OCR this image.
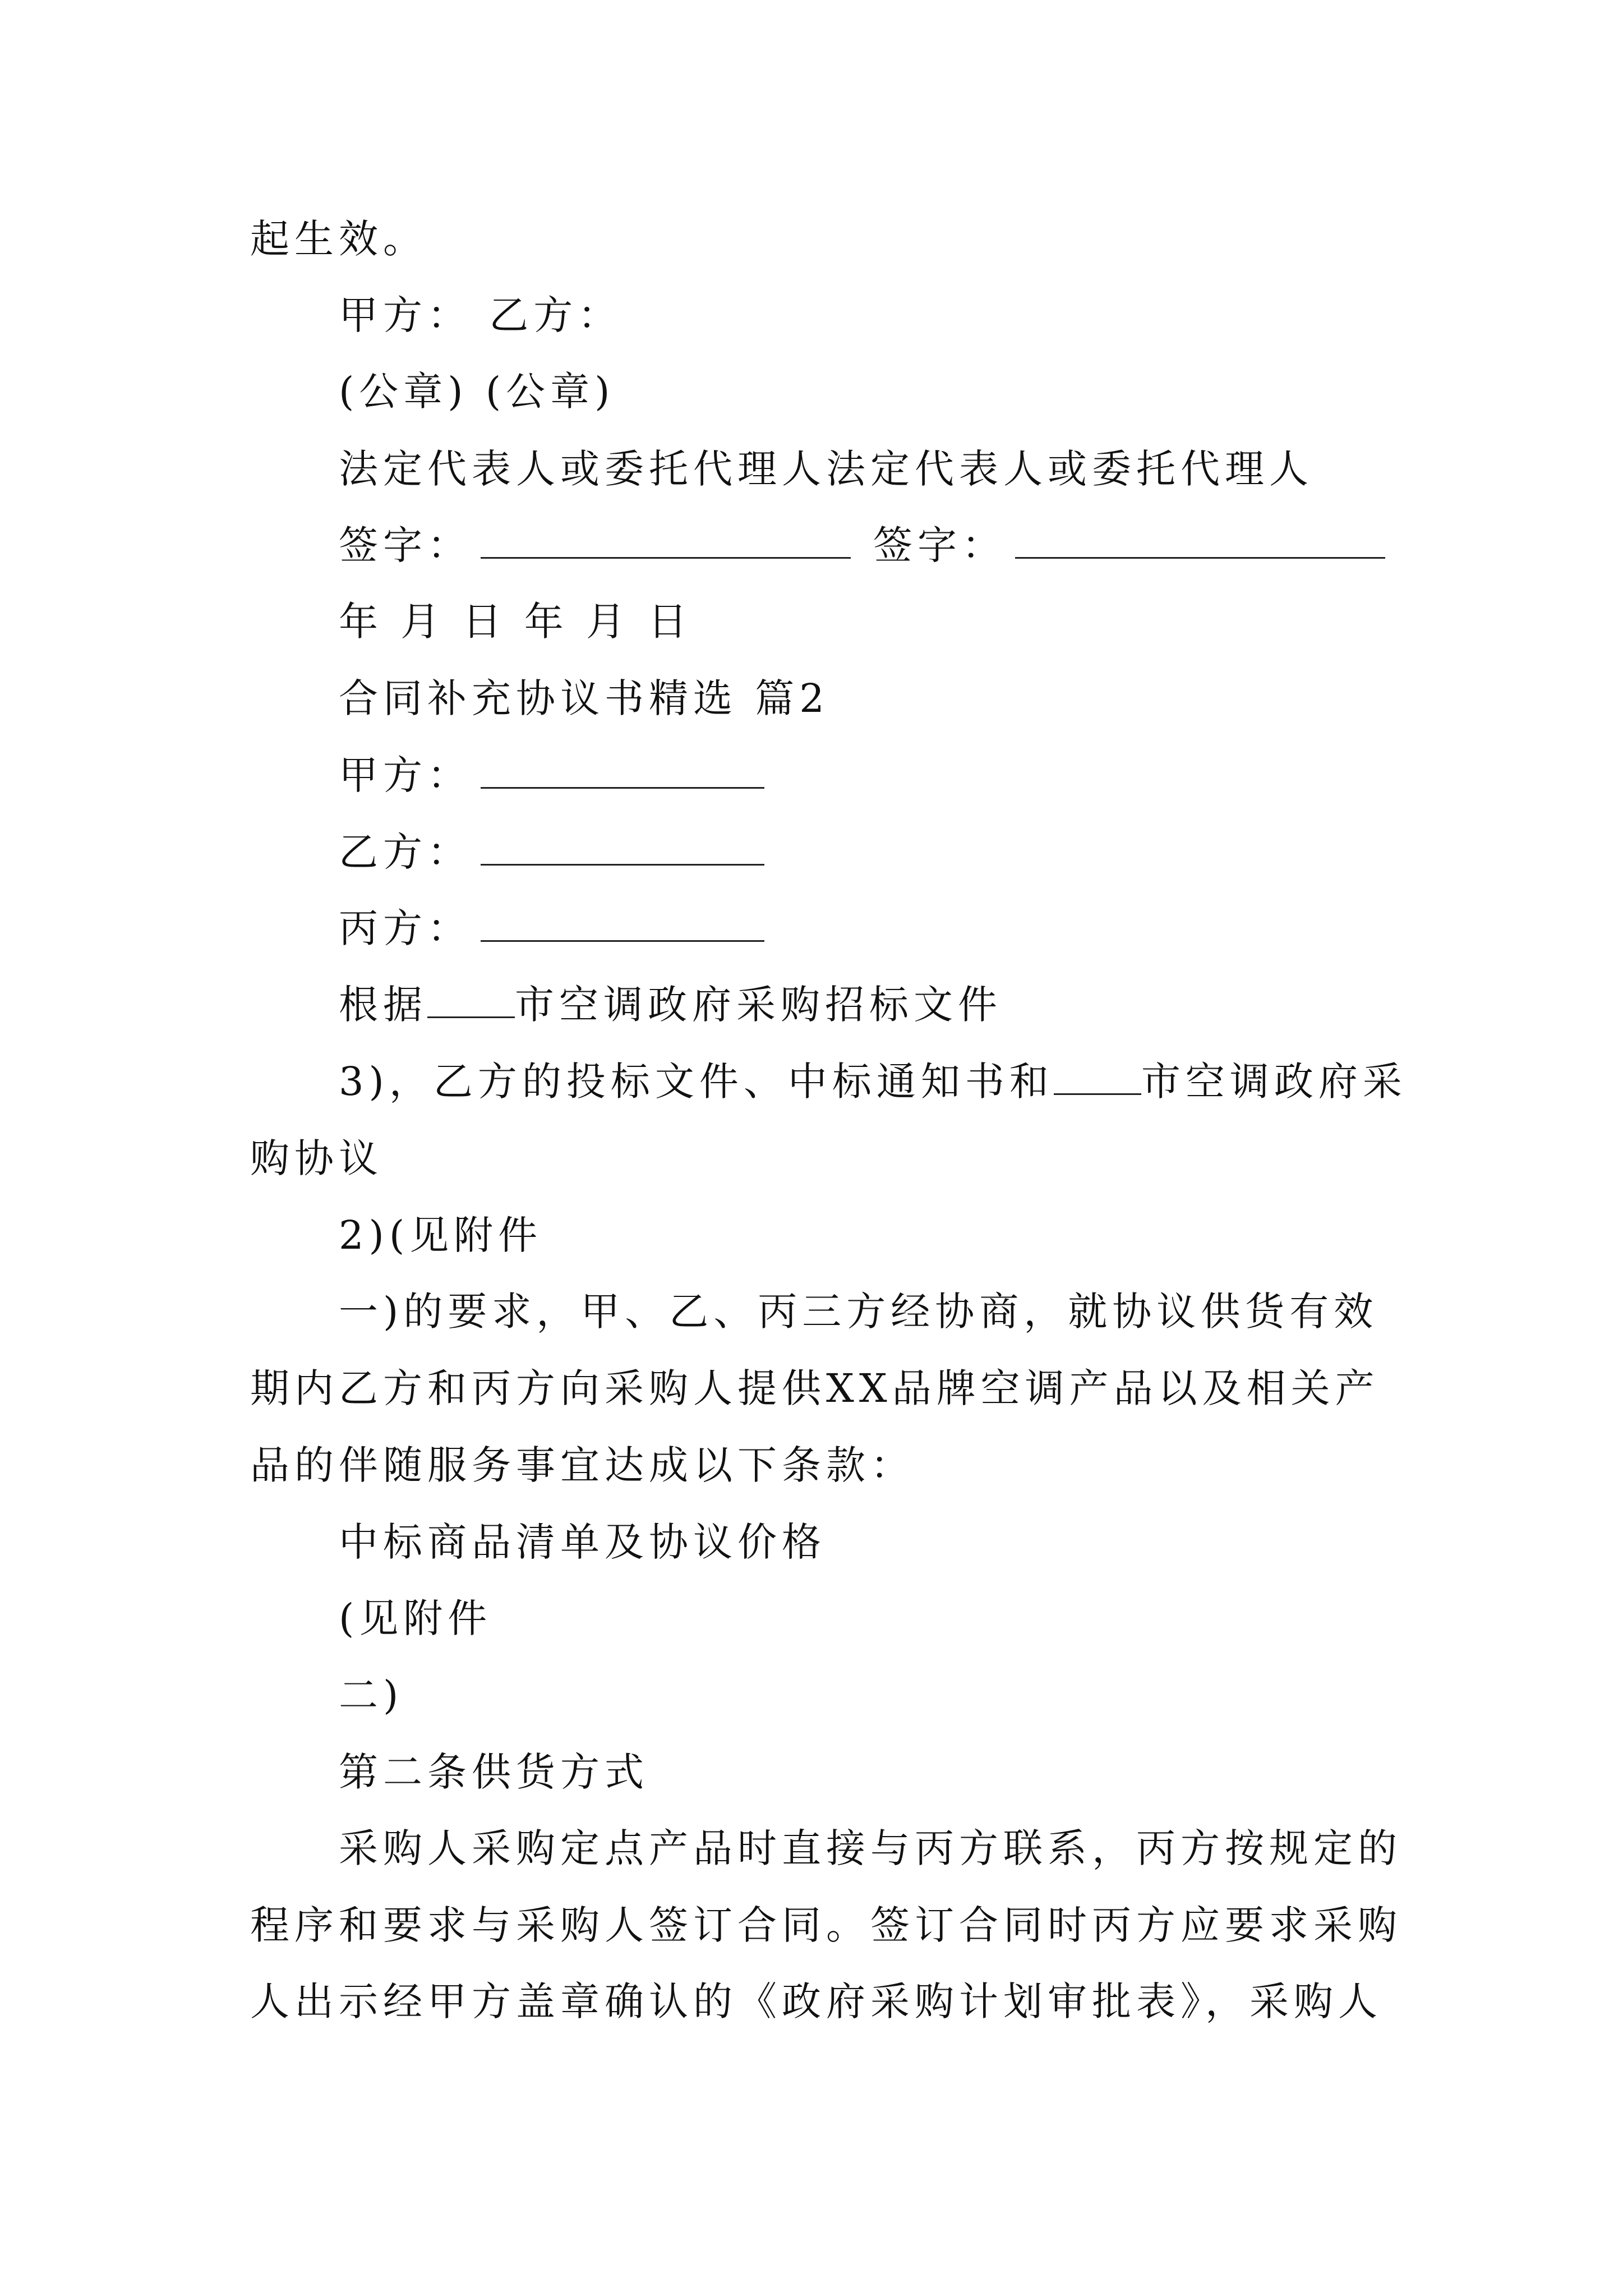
起生效。
甲方： 乙方：
(公章) (公章)
法定代表人或委托代理人法定代表人或委托代理人
签字：	签字：
年 月 日 年 月 日
合同补充协议书精选 篇2
甲方：
乙方：
丙方：
根据 市空调政府采购招标文件
3)，乙方的投标文件、中标通知书和 市空调政府采
购协议
2)(见附件
一)的要求，甲、乙、丙三方经协商，就协议供货有效
期内乙方和丙方向采购人提供XX品牌空调产品以及相关产
品的伴随服务事宜达成以下条款：
中标商品清单及协议价格
(见附件
二)
第二条供货方式
采购人采购定点产品时直接与丙方联系，丙方按规定的
程序和要求与采购人签订合同。签订合同时丙方应要求采购
人出示经甲方盖章确认的《政府采购计划审批表》，采购人
